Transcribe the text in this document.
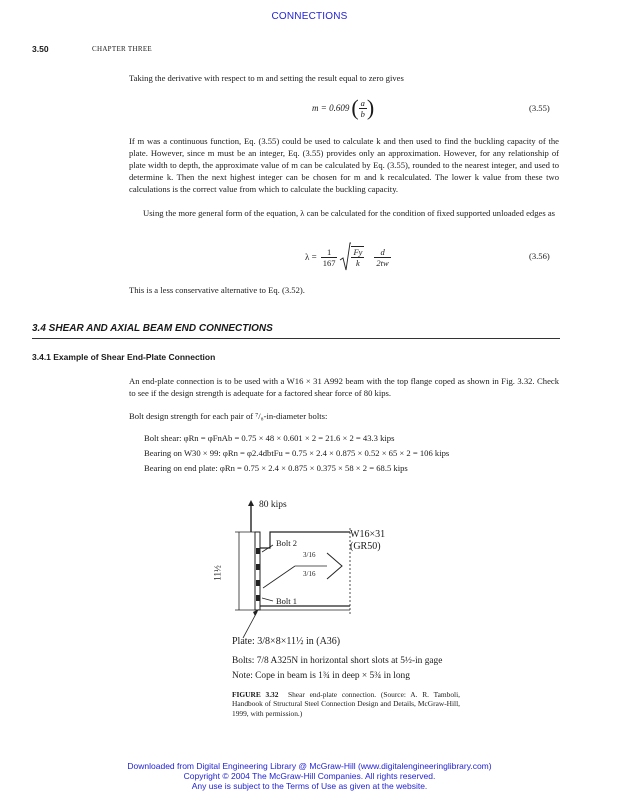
CONNECTIONS
3.50	CHAPTER THREE
Taking the derivative with respect to m and setting the result equal to zero gives
m = 0.609 ( $\frac{a}{b}$ )	(3.55)
If m was a continuous function, Eq. (3.55) could be used to calculate k and then used to find the buckling capacity of the plate. However, since m must be an integer, Eq. (3.55) provides only an approximation. However, for any relationship of plate width to depth, the approximate value of m can be calculated by Eq. (3.55), rounded to the nearest integer, and used to determine k. Then the next highest integer can be chosen for m and k recalculated. The lower k value from these two calculations is the correct value from which to calculate the buckling capacity.
Using the more general form of the equation, λ can be calculated for the condition of fixed supported unloaded edges as
$\lambda = \frac{1}{167} \frac{Fy}{k} \frac{d}{2tw}$	(3.56)
This is a less conservative alternative to Eq. (3.52).
3.4 SHEAR AND AXIAL BEAM END CONNECTIONS
3.4.1 Example of Shear End-Plate Connection
An end-plate connection is to be used with a W16 × 31 A992 beam with the top flange coped as shown in Fig. 3.32. Check to see if the design strength is adequate for a factored shear force of 80 kips.
Bolt design strength for each pair of ⁷/₈-in-diameter bolts:
Bolt shear: φRn = φFnAb = 0.75 × 48 × 0.601 × 2 = 21.6 × 2 = 43.3 kips
Bearing on W30 × 99: φRn = φ2.4dbtFu = 0.75 × 2.4 × 0.875 × 0.52 × 65 × 2 = 106 kips
Bearing on end plate: φRn = 0.75 × 2.4 × 0.875 × 0.375 × 58 × 2 = 68.5 kips
80 kips
W16×31
(GR50)
Bolt 2
Bolt 1
3/16
3/16
11½
Plate: 3/8×8×11½ in (A36)
Bolts: 7/8 A325N in horizontal short slots at 5½-in gage
Note: Cope in beam is 1¾ in deep × 5¾ in long
FIGURE 3.32 Shear end-plate connection. (Source: A. R. Tamboli, Handbook of Structural Steel Connection Design and Details, McGraw-Hill, 1999, with permission.)
Downloaded from Digital Engineering Library @ McGraw-Hill (www.digitalengineeringlibrary.com)
Copyright © 2004 The McGraw-Hill Companies. All rights reserved.
Any use is subject to the Terms of Use as given at the website.
